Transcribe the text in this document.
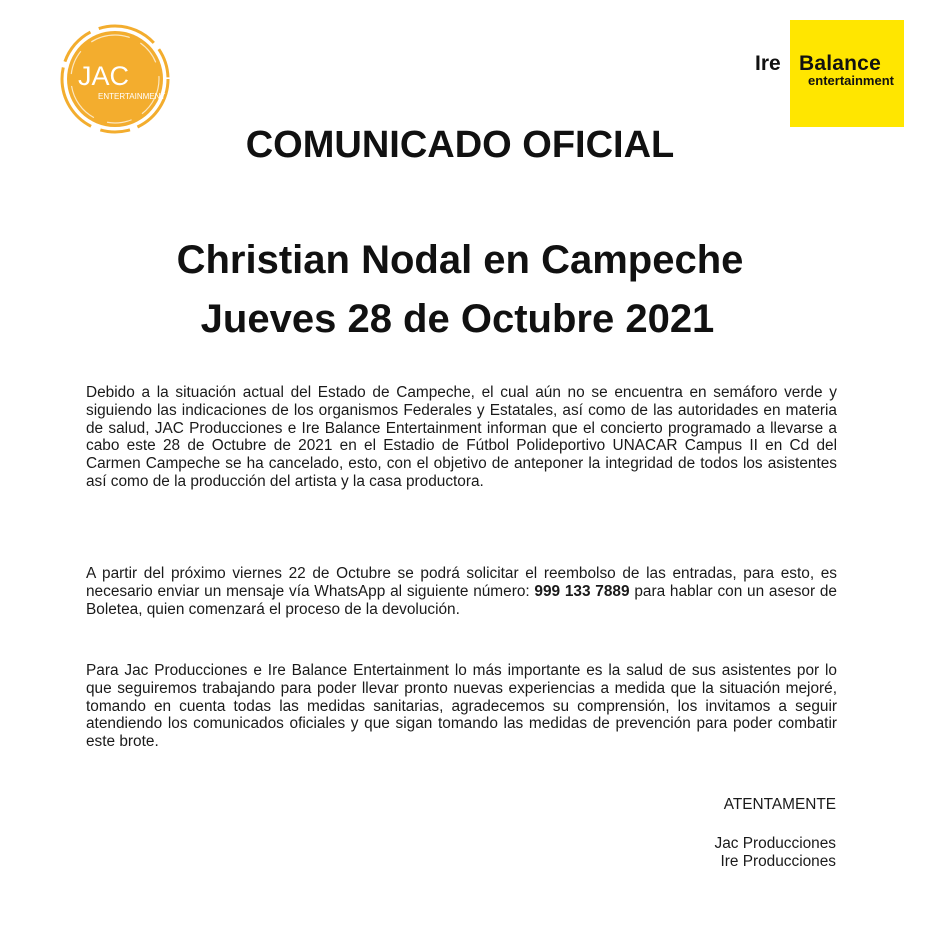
JAC
ENTERTAINMENT
Ire Balance
entertainment
COMUNICADO OFICIAL
Christian Nodal en Campeche
Jueves 28 de Octubre 2021
Debido a la situación actual del Estado de Campeche, el cual aún no se encuentra en semáforo verde y siguiendo las indicaciones de los organismos Federales y Estatales, así como de las autoridades en materia de salud, JAC Producciones e Ire Balance Entertainment informan que el concierto programado a llevarse a cabo este 28 de Octubre de 2021 en el Estadio de Fútbol Polideportivo UNACAR Campus II en Cd del Carmen Campeche se ha cancelado, esto, con el objetivo de anteponer la integridad de todos los asistentes así como de la producción del artista y la casa productora.
A partir del próximo viernes 22 de Octubre se podrá solicitar el reembolso de las entradas, para esto, es necesario enviar un mensaje vía WhatsApp al siguiente número: 999 133 7889 para hablar con un asesor de Boletea, quien comenzará el proceso de la devolución.
Para Jac Producciones e Ire Balance Entertainment lo más importante es la salud de sus asistentes por lo que seguiremos trabajando para poder llevar pronto nuevas experiencias a medida que la situación mejoré, tomando en cuenta todas las medidas sanitarias, agradecemos su comprensión, los invitamos a seguir atendiendo los comunicados oficiales y que sigan tomando las medidas de prevención para poder combatir este brote.
ATENTAMENTE
Jac Producciones
Ire Producciones
